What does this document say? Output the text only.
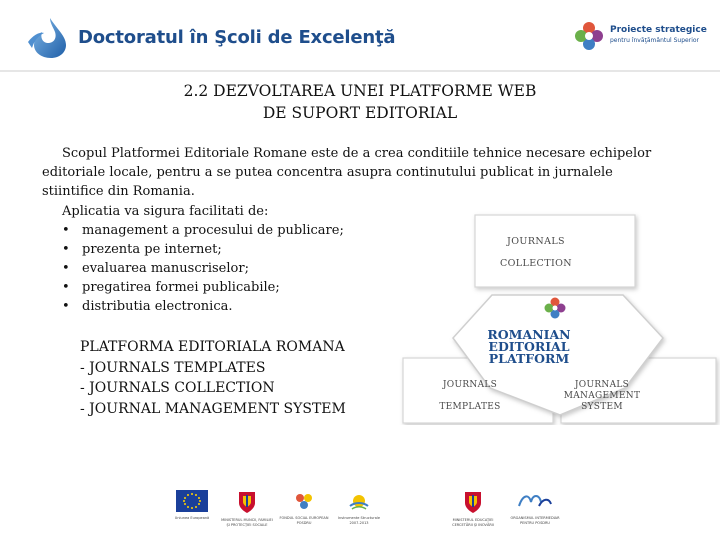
Doctoratul în Şcoli de Excelenţă	Proiecte strategice
pentru învăţământul Superior
2.2 DEZVOLTAREA UNEI PLATFORME WEB
DE SUPORT EDITORIAL
Scopul Platformei Editoriale Romane este de a crea conditiile tehnice necesare echipelor
editoriale locale, pentru a se putea concentra asupra continutului publicat in jurnalele
stiintifice din Romania.
Aplicatia va sigura facilitati de:
• management a procesului de publicare;
• prezenta pe internet;
• evaluarea manuscriselor;
• pregatirea formei publicabile;
• distributia electronica.
PLATFORMA EDITORIALA ROMANA
- JOURNALS TEMPLATES
- JOURNALS COLLECTION
- JOURNAL MANAGEMENT SYSTEM
JOURNALS
COLLECTION
ROMANIAN
EDITORIAL
PLATFORM
JOURNALS
TEMPLATES
JOURNALS
MANAGEMENT
SYSTEM
Uniunea Europeană	MINISTERUL MUNCII, FAMILIEI
ŞI PROTECŢIEI SOCIALE
FONDUL SOCIAL EUROPEAN
POSDRU
Instrumente Structurale
2007-2013
MINISTERUL EDUCAŢIEI
CERCETĂRII ŞI INOVĂRII
ORGANISMUL INTERMEDIAR
PENTRU POSDRU
